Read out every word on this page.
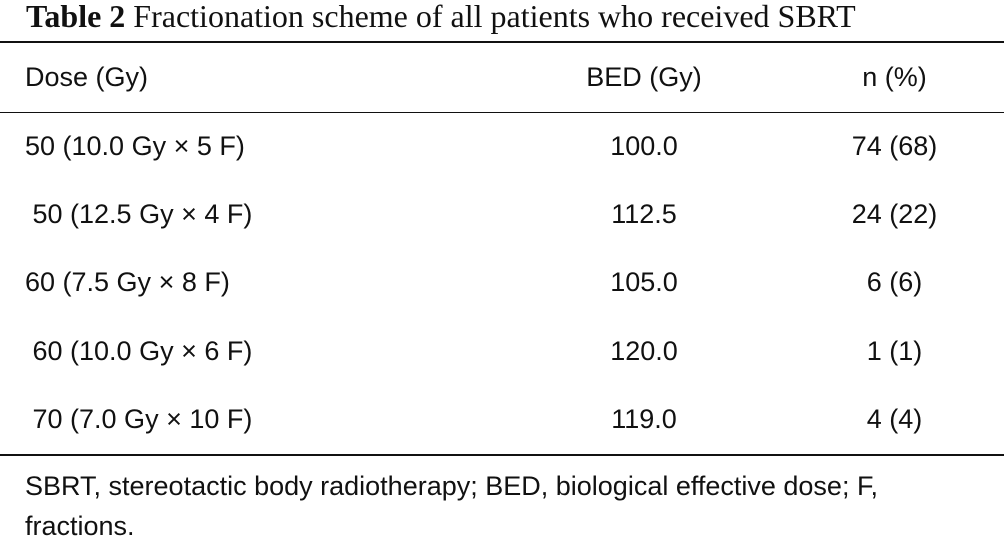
Table 2 Fractionation scheme of all patients who received SBRT
Dose (Gy)	BED (Gy)	n (%)
50 (10.0 Gy × 5 F)	100.0	74 (68)
50 (12.5 Gy × 4 F)	112.5	24 (22)
60 (7.5 Gy × 8 F)	105.0	6 (6)
60 (10.0 Gy × 6 F)	120.0	1 (1)
70 (7.0 Gy × 10 F)	119.0	4 (4)
SBRT, stereotactic body radiotherapy; BED, biological effective dose; F, fractions.
